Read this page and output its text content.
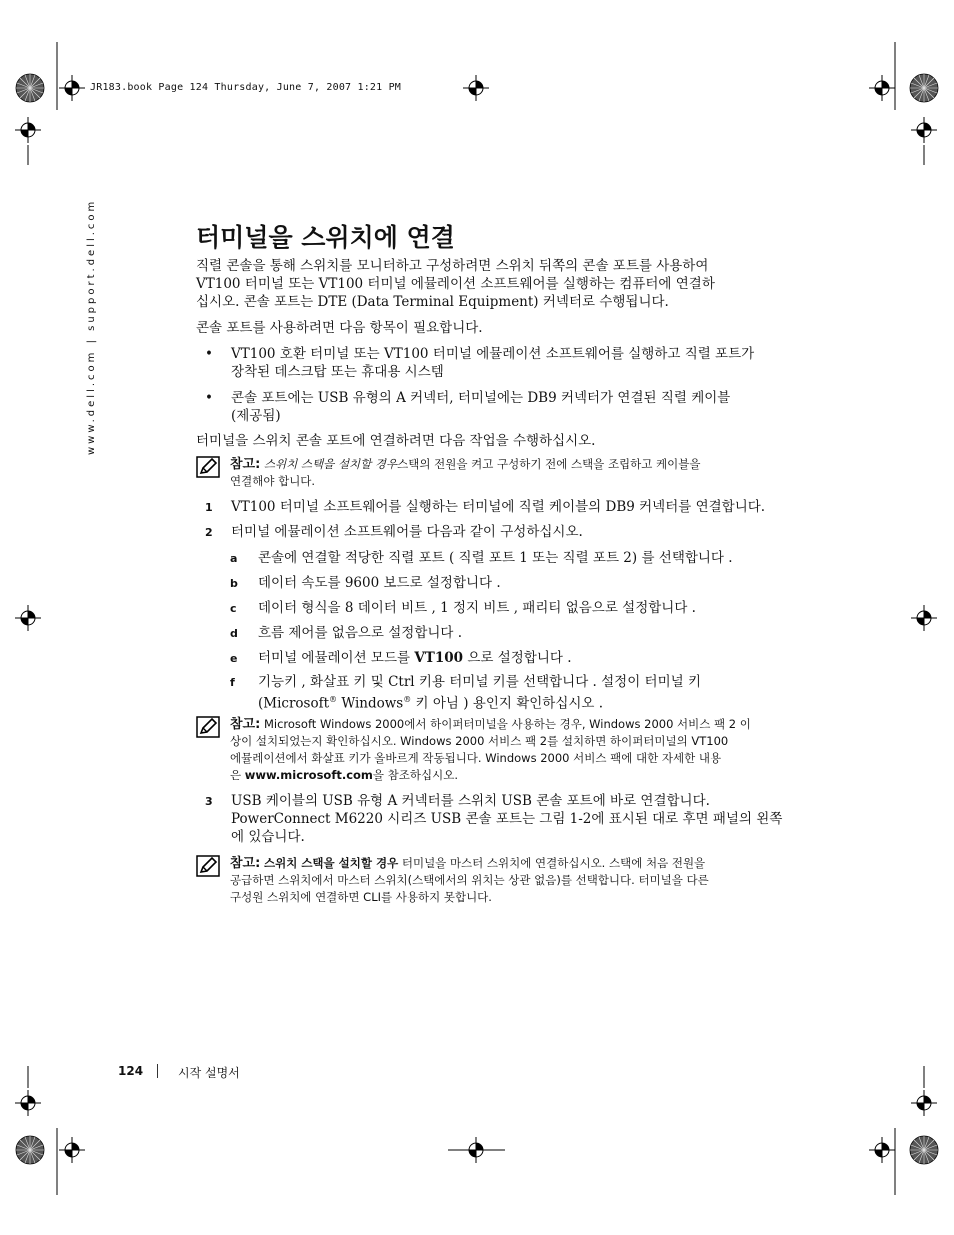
JR183.book Page 124 Thursday, June 7, 2007 1:21 PM
www.dell.com | support.dell.com	터미널을 스위치에 연결
직렬 콘솔을 통해 스위치를 모니터하고 구성하려면 스위치 뒤쪽의 콘솔 포트를 사용하여
VT100 터미널 또는 VT100 터미널 에뮬레이션 소프트웨어를 실행하는 컴퓨터에 연결하
십시오. 콘솔 포트는 DTE (Data Terminal Equipment) 커넥터로 수행됩니다.
콘솔 포트를 사용하려면 다음 항목이 필요합니다.
• VT100 호환 터미널 또는 VT100 터미널 에뮬레이션 소프트웨어를 실행하고 직렬 포트가
장착된 데스크탑 또는 휴대용 시스템
• 콘솔 포트에는 USB 유형의 A 커넥터, 터미널에는 DB9 커넥터가 연결된 직렬 케이블
(제공됨)
터미널을 스위치 콘솔 포트에 연결하려면 다음 작업을 수행하십시오.
참고: 스위치 스택을 설치할 경우스택의 전원을 켜고 구성하기 전에 스택을 조립하고 케이블을
연결해야 합니다.
1 VT100 터미널 소프트웨어를 실행하는 터미널에 직렬 케이블의 DB9 커넥터를 연결합니다.
2 터미널 에뮬레이션 소프트웨어를 다음과 같이 구성하십시오.
a 콘솔에 연결할 적당한 직렬 포트 ( 직렬 포트 1 또는 직렬 포트 2) 를 선택합니다 .
b 데이터 속도를 9600 보드로 설정합니다 .
c 데이터 형식을 8 데이터 비트 , 1 정지 비트 , 패리티 없음으로 설정합니다 .
d 흐름 제어를 없음으로 설정합니다 .
e 터미널 에뮬레이션 모드를 VT100 으로 설정합니다 .
f 기능키 , 화살표 키 및 Ctrl 키용 터미널 키를 선택합니다 . 설정이 터미널 키
(Microsoft® Windows® 키 아님 ) 용인지 확인하십시오 .
참고: Microsoft Windows 2000에서 하이퍼터미널을 사용하는 경우, Windows 2000 서비스 팩 2 이
상이 설치되었는지 확인하십시오. Windows 2000 서비스 팩 2를 설치하면 하이퍼터미널의 VT100
에뮬레이션에서 화살표 키가 올바르게 작동됩니다. Windows 2000 서비스 팩에 대한 자세한 내용
은 www.microsoft.com을 참조하십시오.
3 USB 케이블의 USB 유형 A 커넥터를 스위치 USB 콘솔 포트에 바로 연결합니다.
PowerConnect M6220 시리즈 USB 콘솔 포트는 그림 1-2에 표시된 대로 후면 패널의 왼쪽
에 있습니다.
참고: 스위치 스택을 설치할 경우 터미널을 마스터 스위치에 연결하십시오. 스택에 처음 전원을
공급하면 스위치에서 마스터 스위치(스택에서의 위치는 상관 없음)를 선택합니다. 터미널을 다른
구성원 스위치에 연결하면 CLI를 사용하지 못합니다.
124	시작 설명서
